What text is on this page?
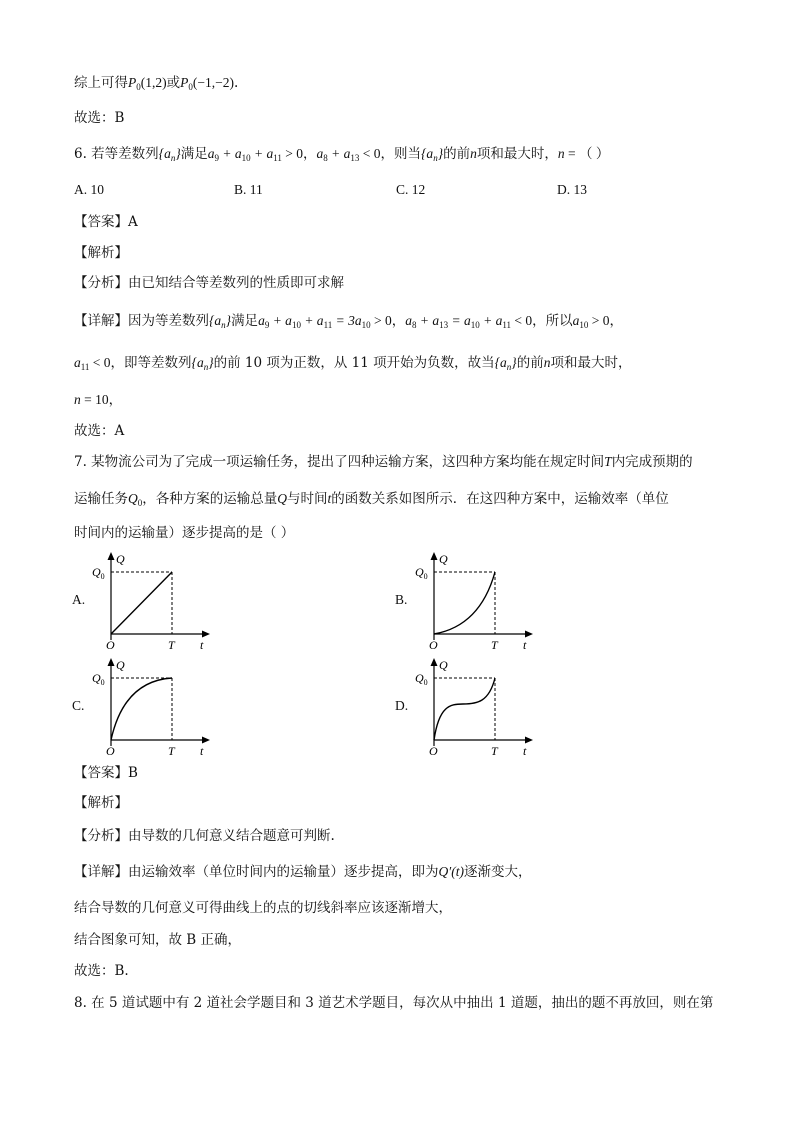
综上可得$P_0(1,2)$或$P_0(-1,-2)$.
故选：B
6. 若等差数列$\{a_n\}$满足$a_9 + a_{10} + a_{11} > 0$，$a_8 + a_{13} < 0$，则当$\{a_n\}$的前n项和最大时，n = （ ）
A. 10	B. 11	C. 12	D. 13
【答案】A
【解析】
【分析】由已知结合等差数列的性质即可求解
【详解】因为等差数列$\{a_n\}$满足$a_9 + a_{10} + a_{11} = 3a_{10} > 0$，$a_8 + a_{13} = a_{10} + a_{11} < 0$，所以$a_{10} > 0$，
$a_{11} < 0$，即等差数列$\{a_n\}$的前 10 项为正数，从 11 项开始为负数，故当$\{a_n\}$的前n项和最大时，
n = 10，
故选：A
7. 某物流公司为了完成一项运输任务，提出了四种运输方案，这四种方案均能在规定时间T内完成预期的
运输任务$Q_0$，各种方案的运输总量Q与时间t的函数关系如图所示．在这四种方案中，运输效率（单位
时间内的运输量）逐步提高的是（ ）
A.
Q
$Q_0$
O	T t
B.
Q
$Q_0$
O	T t
C.
Q
$Q_0$
O	T t
D.
Q
$Q_0$
O	T t
【答案】B
【解析】
【分析】由导数的几何意义结合题意可判断.
【详解】由运输效率（单位时间内的运输量）逐步提高，即为Q′(t)逐渐变大，
结合导数的几何意义可得曲线上的点的切线斜率应该逐渐增大，
结合图象可知，故 B 正确，
故选：B.
8. 在 5 道试题中有 2 道社会学题目和 3 道艺术学题目，每次从中抽出 1 道题，抽出的题不再放回，则在第
